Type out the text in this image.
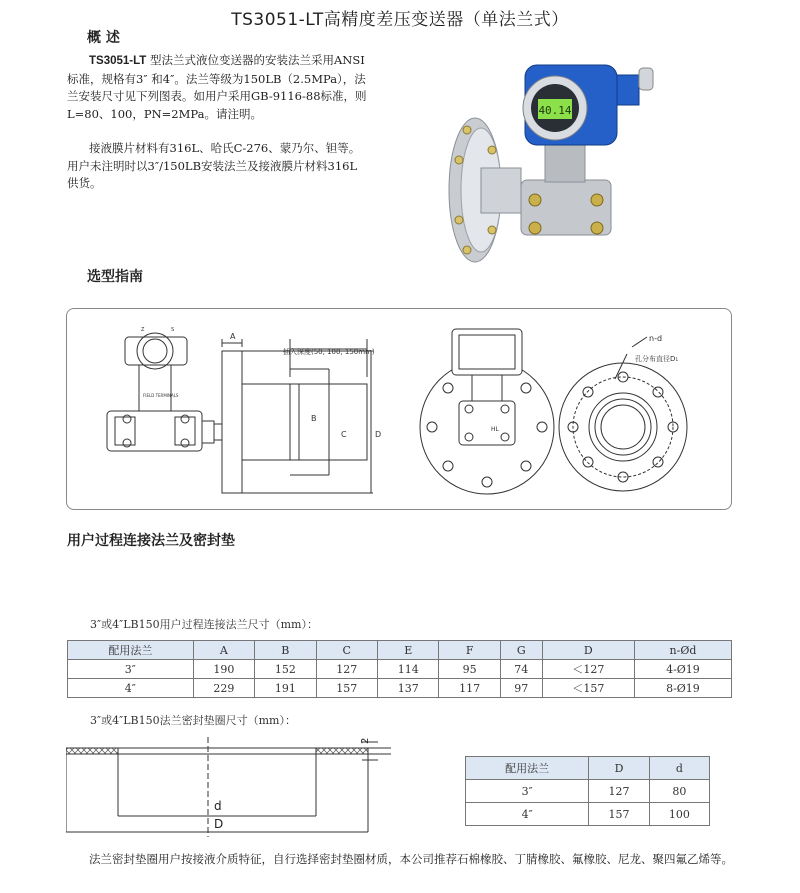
TS3051-LT高精度差压变送器（单法兰式）
概 述

TS3051-LT 型法兰式液位变送器的安装法兰采用ANSI标准，规格有3″ 和4″。法兰等级为150LB（2.5MPa），法兰安装尺寸见下列图表。如用户采用GB-9116-88标准，则L=80、100，PN=2MPa。请注明。

接液膜片材料有316L、哈氏C-276、蒙乃尔、钽等。用户未注明时以3″/150LB安装法兰及接液膜片材料316L供货。

40.14
选型指南
A
B
C	D
插入深度(50, 100, 150mm)
n-d
孔分布直径D₁
HL
FIELD TERMINALS
Z	S
用户过程连接法兰及密封垫
3″或4″LB150用户过程连接法兰尺寸（mm）：
配用法兰	A	B	C	E	F	G	D	n-Ød
3″	190	152	127	114	95	74	＜127	4-Ø19
4″	229	191	157	137	117	97	＜157	8-Ø19
3″或4″LB150法兰密封垫圈尺寸（mm）：
d
D
2
配用法兰	D	d
3″	127	80
4″	157	100
法兰密封垫圈用户按接液介质特征，自行选择密封垫圈材质，本公司推荐石棉橡胶、丁腈橡胶、氟橡胶、尼龙、聚四氟乙烯等。
